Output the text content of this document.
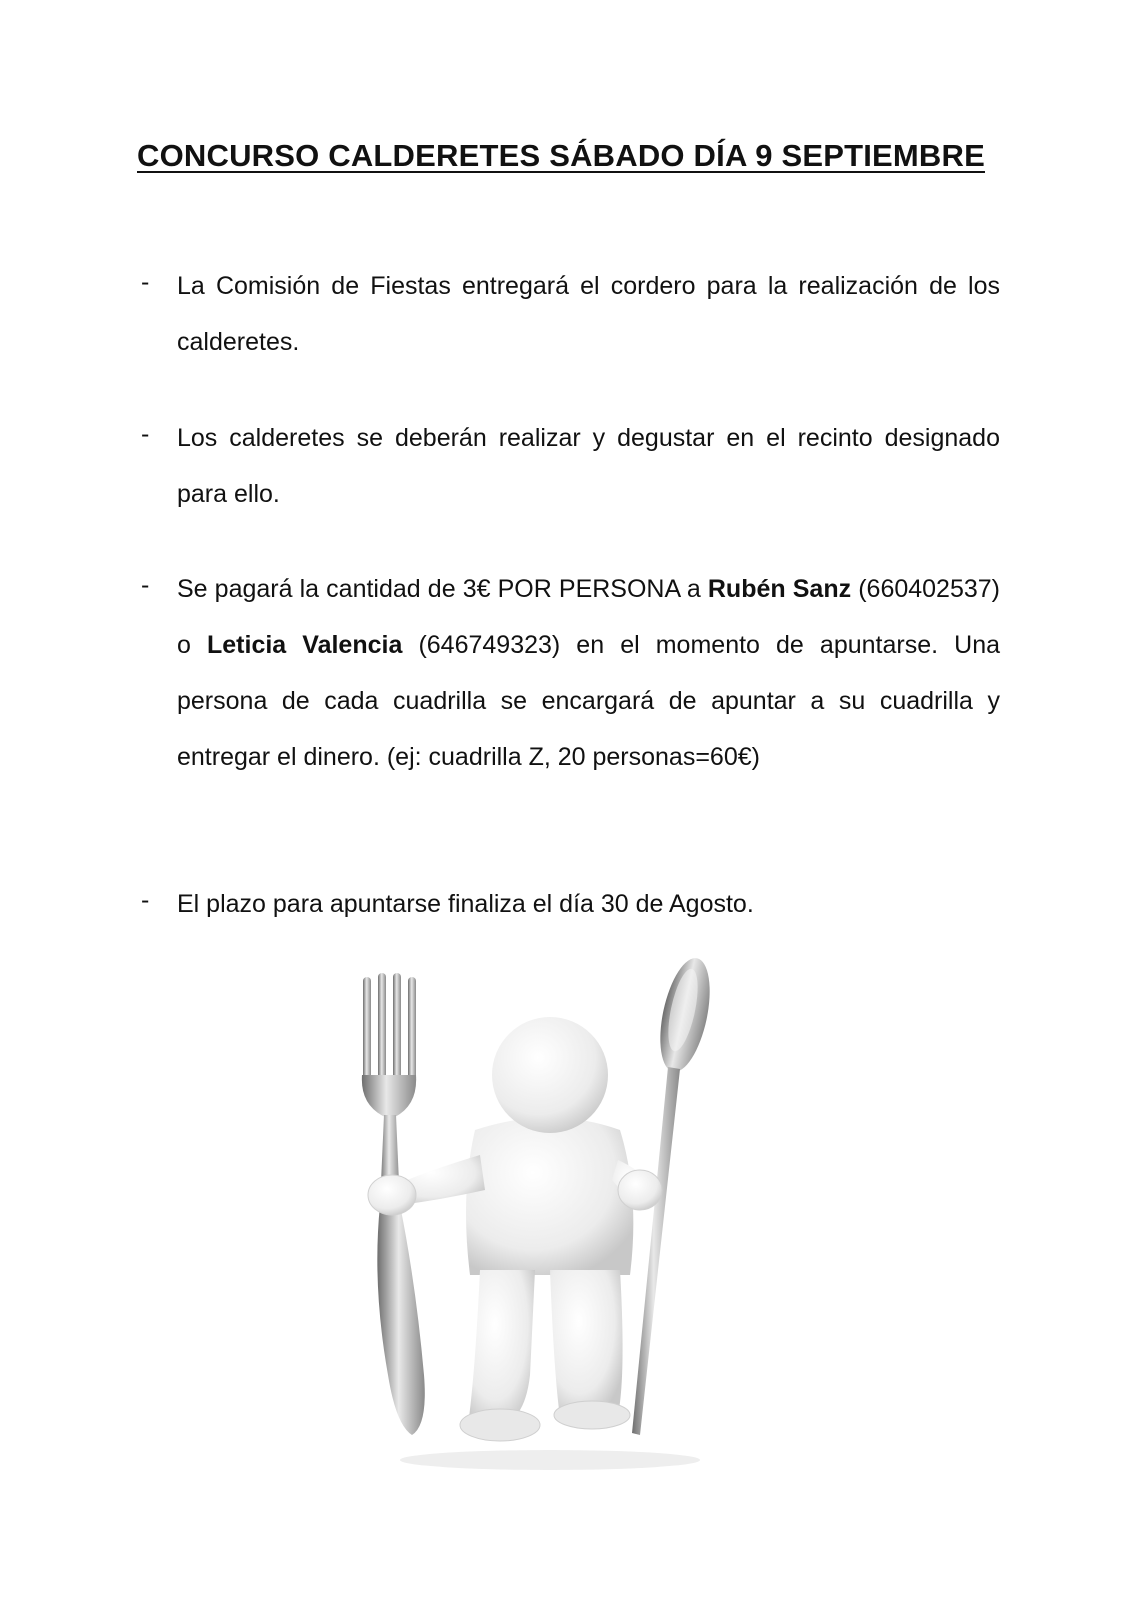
CONCURSO CALDERETES SÁBADO DÍA 9 SEPTIEMBRE
- La Comisión de Fiestas entregará el cordero para la realización de los calderetes.

- Los calderetes se deberán realizar y degustar en el recinto designado para ello.

- Se pagará la cantidad de 3€ POR PERSONA a Rubén Sanz (660402537) o Leticia Valencia (646749323) en el momento de apuntarse. Una persona de cada cuadrilla se encargará de apuntar a su cuadrilla y entregar el dinero. (ej: cuadrilla Z, 20 personas=60€)

- El plazo para apuntarse finaliza el día 30 de Agosto.
